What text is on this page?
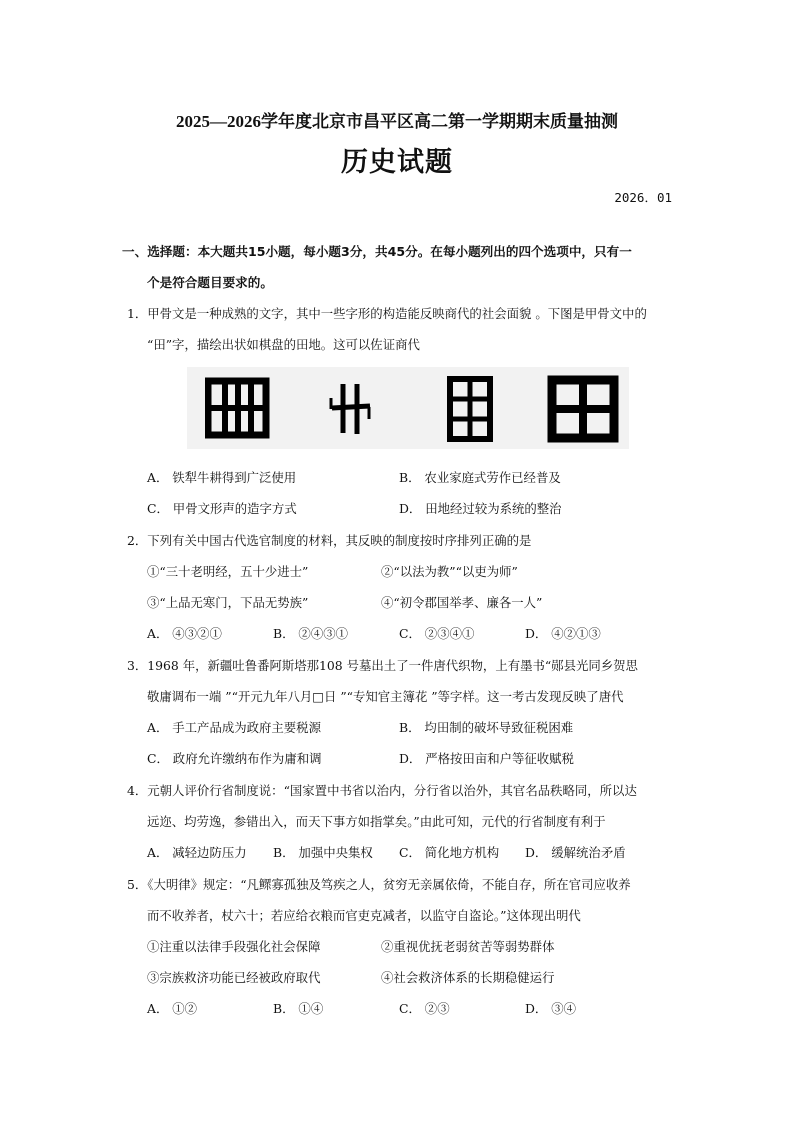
2025—2026学年度北京市昌平区高二第一学期期末质量抽测
历史试题
2026．01
一、选择题：本大题共15小题，每小题3分，共45分。在每小题列出的四个选项中，只有一
个是符合题目要求的。
1．甲骨文是一种成熟的文字，其中一些字形的构造能反映商代的社会面貌 。下图是甲骨文中的
“田”字，描绘出状如棋盘的田地。这可以佐证商代
A． 铁犁牛耕得到广泛使用	B． 农业家庭式劳作已经普及
C． 甲骨文形声的造字方式	D． 田地经过较为系统的整治
2．下列有关中国古代选官制度的材料，其反映的制度按时序排列正确的是
①“三十老明经，五十少进士”	②“以法为教”“以吏为师”
③“上品无寒门，下品无势族”	④“初令郡国举孝、廉各一人”
A． ④③②①	B． ②④③①	C． ②③④①	D． ④②①③
3．1968 年，新疆吐鲁番阿斯塔那108 号墓出土了一件唐代织物，上有墨书“郧县光同乡贺思
敬庸调布一端 ”“开元九年八月□日 ”“专知官主簿花 ”等字样。这一考古发现反映了唐代
A． 手工产品成为政府主要税源	B． 均田制的破坏导致征税困难
C． 政府允许缴纳布作为庸和调	D． 严格按田亩和户等征收赋税
4．元朝人评价行省制度说：“国家置中书省以治内，分行省以治外，其官名品秩略同，所以达
远迩、均劳逸，参错出入，而天下事方如指掌矣。”由此可知，元代的行省制度有利于
A． 减轻边防压力 B． 加强中央集权 C． 简化地方机构 D． 缓解统治矛盾
5．《大明律》规定：“凡鳏寡孤独及笃疾之人，贫穷无亲属依倚，不能自存，所在官司应收养
而不收养者，杖六十；若应给衣粮而官吏克减者，以监守自盗论。”这体现出明代
①注重以法律手段强化社会保障	②重视优抚老弱贫苦等弱势群体
③宗族救济功能已经被政府取代	④社会救济体系的长期稳健运行
A． ①②	B． ①④	C． ②③	D． ③④
